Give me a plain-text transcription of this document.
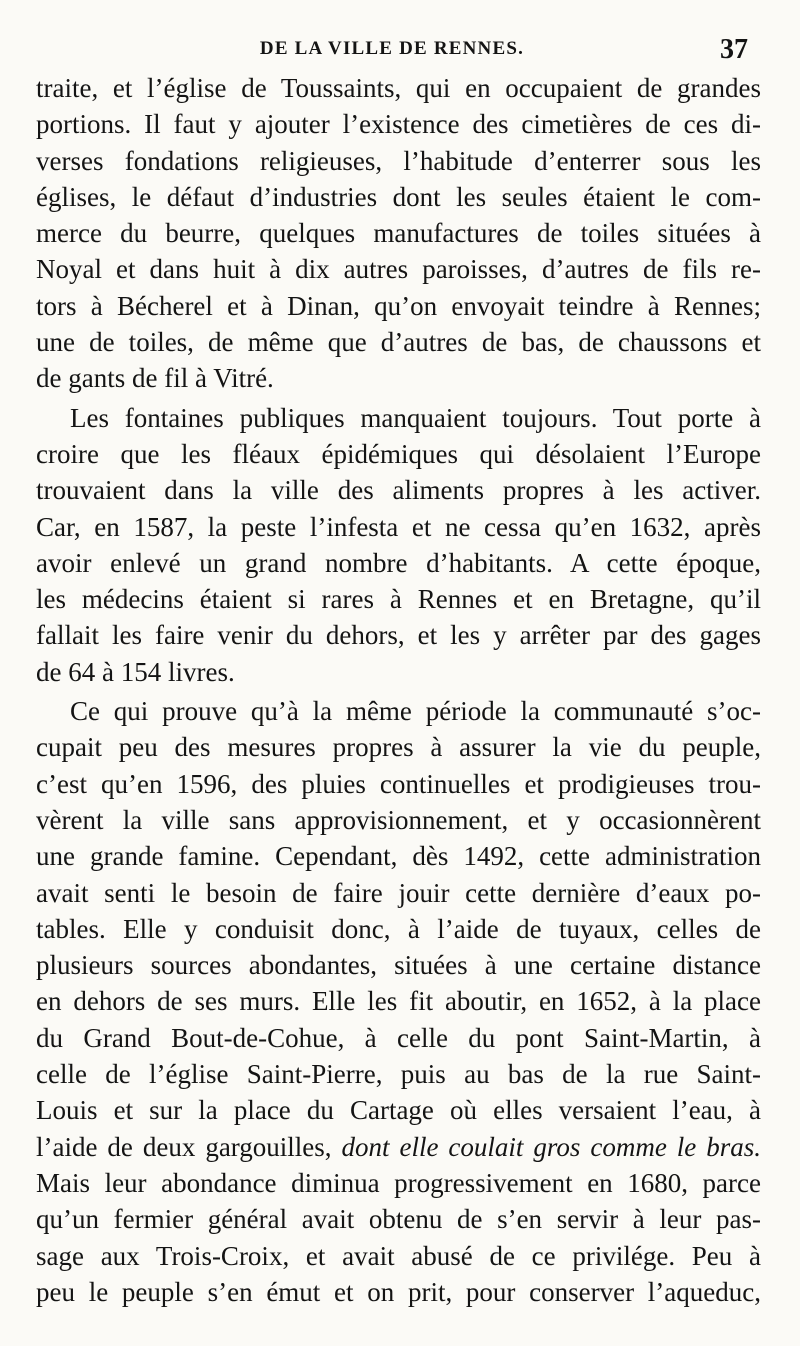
DE LA VILLE DE RENNES.	37
traite, et l’église de Toussaints, qui en occupaient de grandes
portions. Il faut y ajouter l’existence des cimetières de ces di-
verses fondations religieuses, l’habitude d’enterrer sous les
églises, le défaut d’industries dont les seules étaient le com-
merce du beurre, quelques manufactures de toiles situées à
Noyal et dans huit à dix autres paroisses, d’autres de fils re-
tors à Bécherel et à Dinan, qu’on envoyait teindre à Rennes;
une de toiles, de même que d’autres de bas, de chaussons et
de gants de fil à Vitré.
Les fontaines publiques manquaient toujours. Tout porte à
croire que les fléaux épidémiques qui désolaient l’Europe
trouvaient dans la ville des aliments propres à les activer.
Car, en 1587, la peste l’infesta et ne cessa qu’en 1632, après
avoir enlevé un grand nombre d’habitants. A cette époque,
les médecins étaient si rares à Rennes et en Bretagne, qu’il
fallait les faire venir du dehors, et les y arrêter par des gages
de 64 à 154 livres.
Ce qui prouve qu’à la même période la communauté s’oc-
cupait peu des mesures propres à assurer la vie du peuple,
c’est qu’en 1596, des pluies continuelles et prodigieuses trou-
vèrent la ville sans approvisionnement, et y occasionnèrent
une grande famine. Cependant, dès 1492, cette administration
avait senti le besoin de faire jouir cette dernière d’eaux po-
tables. Elle y conduisit donc, à l’aide de tuyaux, celles de
plusieurs sources abondantes, situées à une certaine distance
en dehors de ses murs. Elle les fit aboutir, en 1652, à la place
du Grand Bout-de-Cohue, à celle du pont Saint-Martin, à
celle de l’église Saint-Pierre, puis au bas de la rue Saint-
Louis et sur la place du Cartage où elles versaient l’eau, à
l’aide de deux gargouilles, dont elle coulait gros comme le bras.
Mais leur abondance diminua progressivement en 1680, parce
qu’un fermier général avait obtenu de s’en servir à leur pas-
sage aux Trois-Croix, et avait abusé de ce privilége. Peu à
peu le peuple s’en émut et on prit, pour conserver l’aqueduc,
